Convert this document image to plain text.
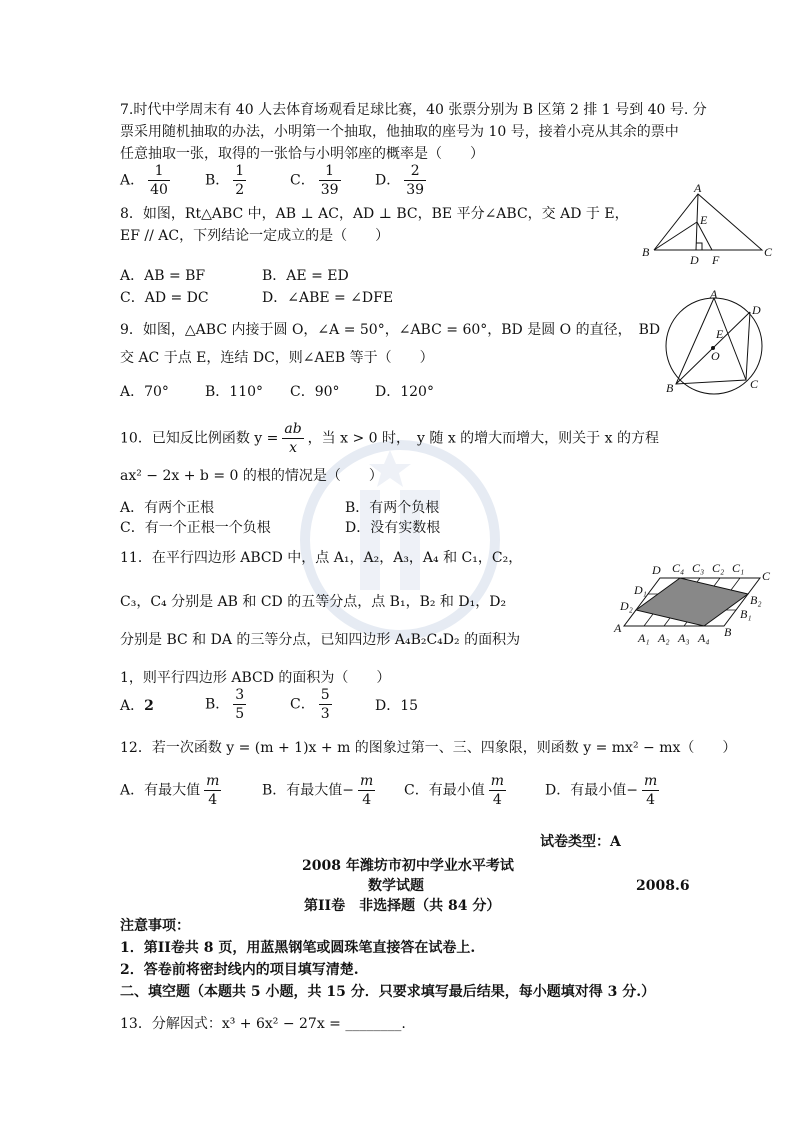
7.时代中学周末有 40 人去体育场观看足球比赛，40 张票分别为 B 区第 2 排 1 号到 40 号. 分
票采用随机抽取的办法，小明第一个抽取，他抽取的座号为 10 号，接着小亮从其余的票中
任意抽取一张，取得的一张恰与小明邻座的概率是（　　）
A． $\frac{1}{40}$	B． $\frac{1}{2}$	C． $\frac{1}{39}$ D． $\frac{2}{39}$
8．如图，Rt△ABC 中，AB ⊥ AC，AD ⊥ BC，BE 平分∠ABC，交 AD 于 E，
EF // AC，下列结论一定成立的是（　　）
A．AB = BF	B．AE = ED
C．AD = DC	D．∠ABE = ∠DFE
A
E
B
D F
C
9．如图，△ABC 内接于圆 O，∠A = 50°，∠ABC = 60°，BD 是圆 O 的直径，　BD
交 AC 于点 E，连结 DC，则∠AEB 等于（　　）
A．70°	B．110° C．90°	D．120°
A
D
E
O
B	C
10．已知反比例函数 $y = \frac{ab}{x}$ ，当 x > 0 时，　y 随 x 的增大而增大，则关于 x 的方程
ax² − 2x + b = 0 的根的情况是（　　）
A．有两个正根	B．有两个负根
C．有一个正根一个负根	D．没有实数根
11．在平行四边形 ABCD 中，点 A₁，A₂，A₃，A₄ 和 C₁，C₂，
C₃，C₄ 分别是 AB 和 CD 的五等分点，点 B₁，B₂ 和 D₁，D₂
分别是 BC 和 DA 的三等分点，已知四边形 A₄B₂C₄D₂ 的面积为
1，则平行四边形 ABCD 的面积为（　　）
A．2	B． $\frac{3}{5}$	C． $\frac{5}{3}$	D．15
D C₄ C₃ C₂ C₁
C
D₁
D₂	B₂
B₁
A
A₁ A₂ A₃ A₄ B
12．若一次函数 y = (m + 1)x + m 的图象过第一、三、四象限，则函数 y = mx² − mx（　　）
A．有最大值 $\frac{m}{4}$	B．有最大值− $\frac{m}{4}$ C．有最小值 $\frac{m}{4}$	D．有最小值− $\frac{m}{4}$
试卷类型：A
2008 年潍坊市初中学业水平考试
数学试题	2008.6
第II卷　非选择题（共 84 分）
注意事项：
1．第II卷共 8 页，用蓝黑钢笔或圆珠笔直接答在试卷上.
2．答卷前将密封线内的项目填写清楚.
二、填空题（本题共 5 小题，共 15 分．只要求填写最后结果，每小题填对得 3 分.）
13．分解因式：x³ + 6x² − 27x = ________.
